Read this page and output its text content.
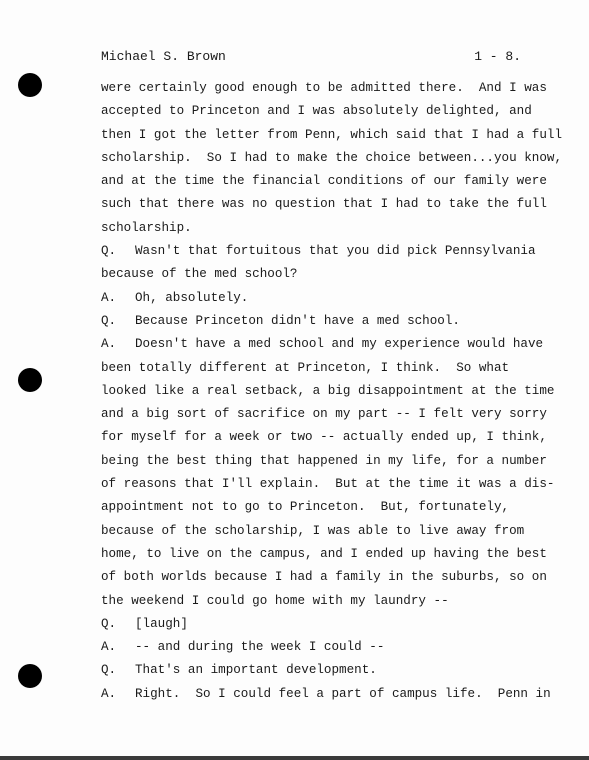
Michael S. Brown	1 - 8.
were certainly good enough to be admitted there.  And I was
accepted to Princeton and I was absolutely delighted, and
then I got the letter from Penn, which said that I had a full
scholarship.  So I had to make the choice between...you know,
and at the time the financial conditions of our family were
such that there was no question that I had to take the full
scholarship.
Q. Wasn't that fortuitous that you did pick Pennsylvania
because of the med school?
A. Oh, absolutely.
Q. Because Princeton didn't have a med school.
A. Doesn't have a med school and my experience would have
been totally different at Princeton, I think.  So what
looked like a real setback, a big disappointment at the time
and a big sort of sacrifice on my part -- I felt very sorry
for myself for a week or two -- actually ended up, I think,
being the best thing that happened in my life, for a number
of reasons that I'll explain.  But at the time it was a dis-
appointment not to go to Princeton.  But, fortunately,
because of the scholarship, I was able to live away from
home, to live on the campus, and I ended up having the best
of both worlds because I had a family in the suburbs, so on
the weekend I could go home with my laundry --
Q. [laugh]
A. -- and during the week I could --
Q. That's an important development.
A. Right.  So I could feel a part of campus life.  Penn in
